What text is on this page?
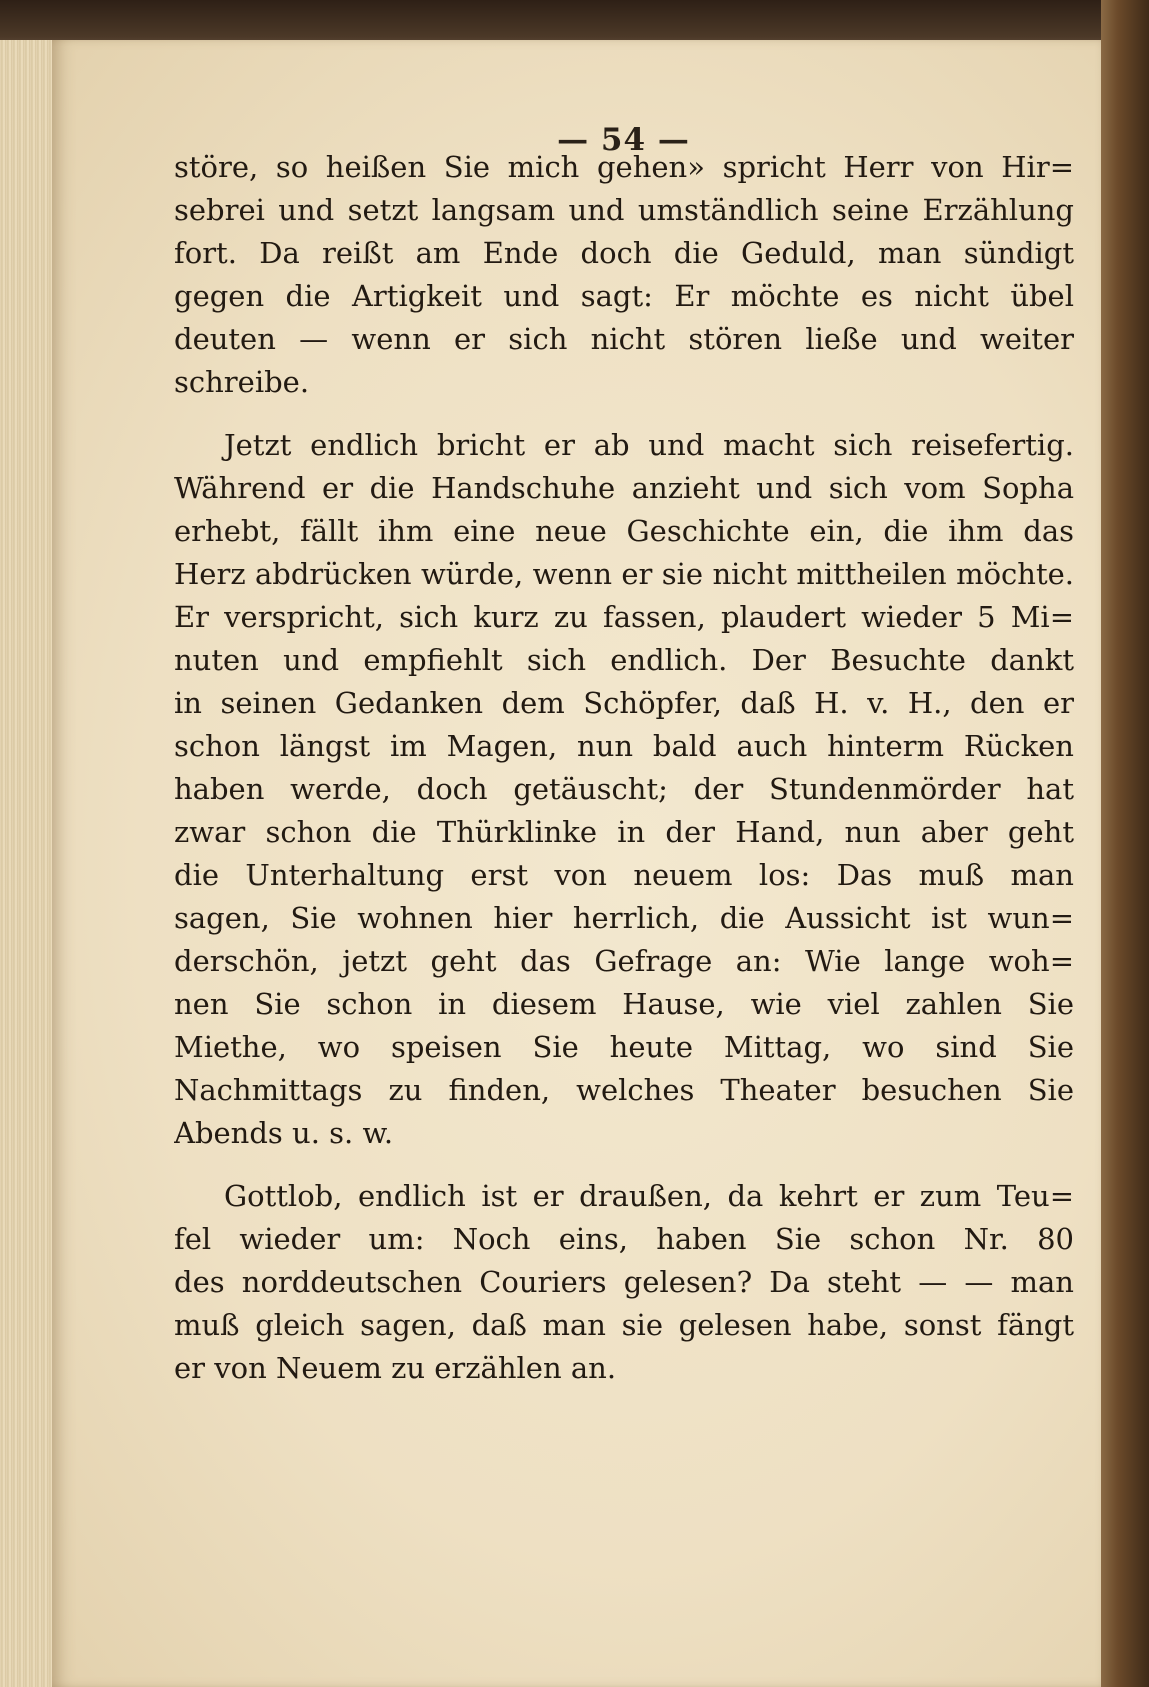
— 54 —
störe, so heißen Sie mich gehen» spricht Herr von Hir=
sebrei und setzt langsam und umständlich seine Erzählung
fort. Da reißt am Ende doch die Geduld, man sündigt
gegen die Artigkeit und sagt: Er möchte es nicht übel
deuten — wenn er sich nicht stören ließe und weiter
schreibe.
Jetzt endlich bricht er ab und macht sich reisefertig.
Während er die Handschuhe anzieht und sich vom Sopha
erhebt, fällt ihm eine neue Geschichte ein, die ihm das
Herz abdrücken würde, wenn er sie nicht mittheilen möchte.
Er verspricht, sich kurz zu fassen, plaudert wieder 5 Mi=
nuten und empfiehlt sich endlich. Der Besuchte dankt
in seinen Gedanken dem Schöpfer, daß H. v. H., den er
schon längst im Magen, nun bald auch hinterm Rücken
haben werde, doch getäuscht; der Stundenmörder hat
zwar schon die Thürklinke in der Hand, nun aber geht
die Unterhaltung erst von neuem los: Das muß man
sagen, Sie wohnen hier herrlich, die Aussicht ist wun=
derschön, jetzt geht das Gefrage an: Wie lange woh=
nen Sie schon in diesem Hause, wie viel zahlen Sie
Miethe, wo speisen Sie heute Mittag, wo sind Sie
Nachmittags zu finden, welches Theater besuchen Sie
Abends u. s. w.
Gottlob, endlich ist er draußen, da kehrt er zum Teu=
fel wieder um: Noch eins, haben Sie schon Nr. 80
des norddeutschen Couriers gelesen? Da steht — — man
muß gleich sagen, daß man sie gelesen habe, sonst fängt
er von Neuem zu erzählen an.
